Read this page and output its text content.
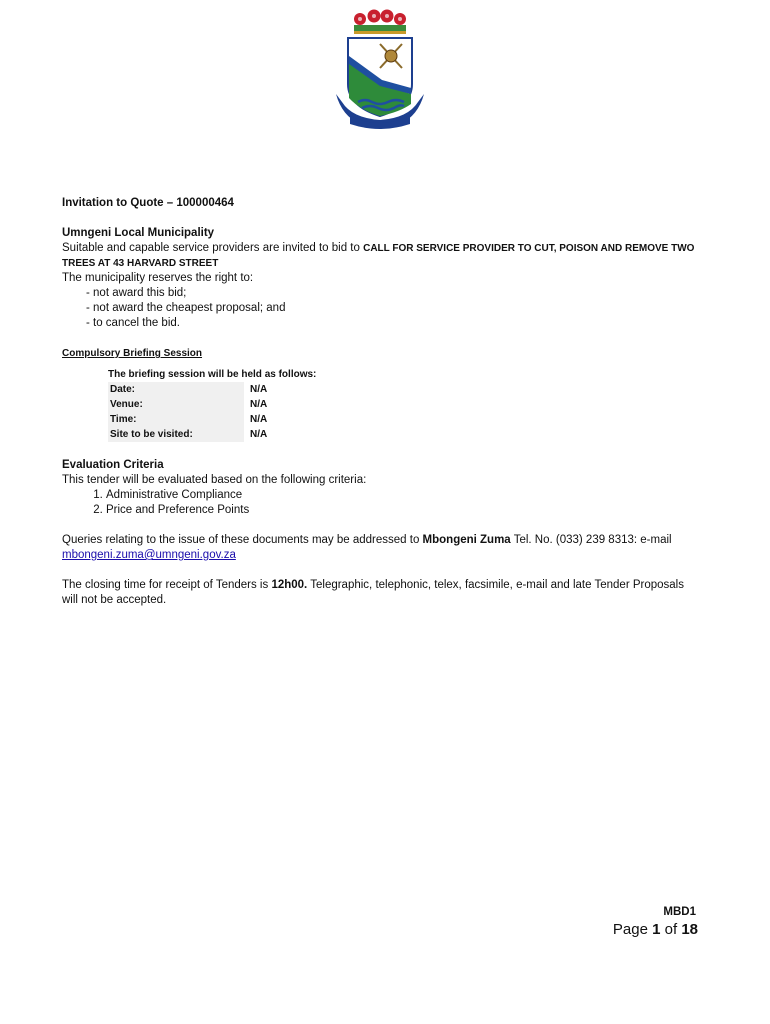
Invitation to Quote – 100000464
Umngeni Local Municipality
Suitable and capable service providers are invited to bid to CALL FOR SERVICE PROVIDER TO CUT, POISON AND REMOVE TWO TREES AT 43 HARVARD STREET
The municipality reserves the right to:
- not award this bid;
- not award the cheapest proposal; and
- to cancel the bid.
Compulsory Briefing Session
The briefing session will be held as follows:
Date:	N/A
Venue:	N/A
Time:	N/A
Site to be visited:	N/A
Evaluation Criteria
This tender will be evaluated based on the following criteria:
1. Administrative Compliance
2. Price and Preference Points
Queries relating to the issue of these documents may be addressed to Mbongeni Zuma Tel. No. (033) 239 8313: e-mail
mbongeni.zuma@umngeni.gov.za
The closing time for receipt of Tenders is 12h00. Telegraphic, telephonic, telex, facsimile, e-mail and late Tender Proposals will not be accepted.
MBD1
Page 1 of 18
